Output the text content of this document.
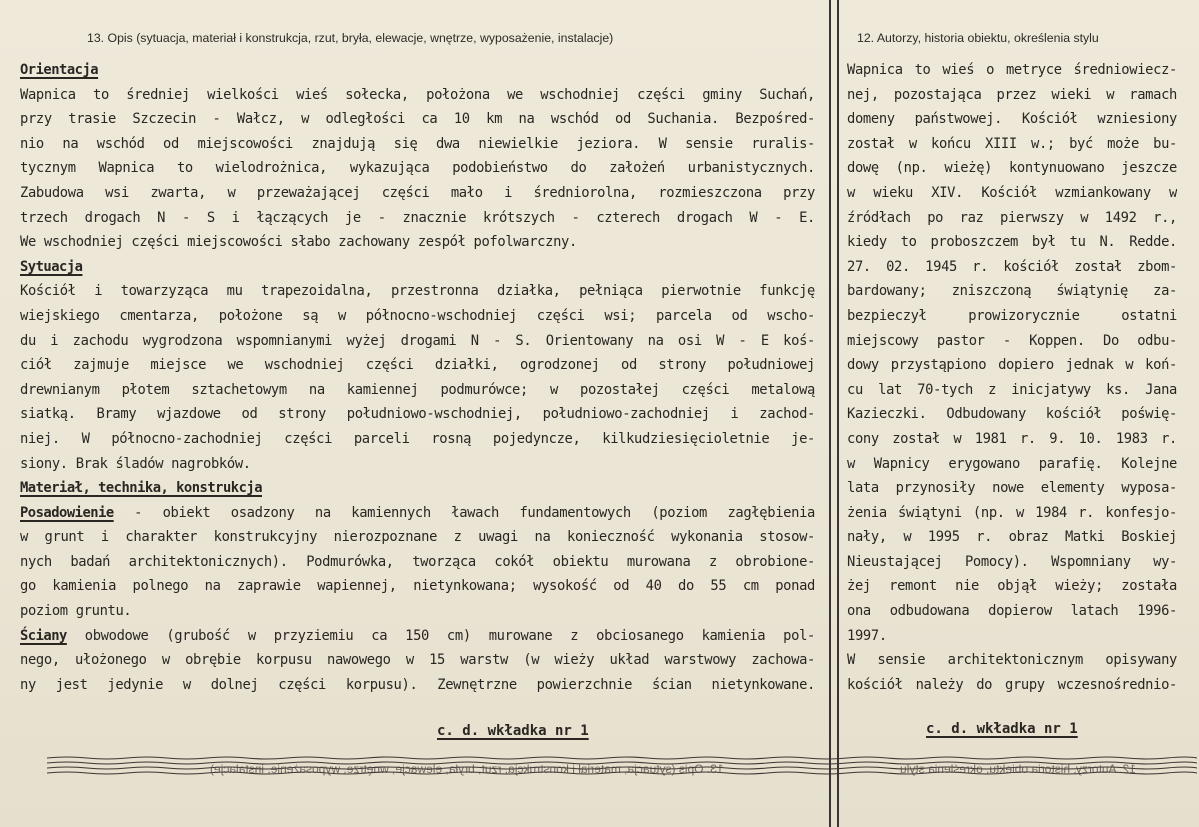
13. Opis (sytuacja, materiał i konstrukcja, rzut, bryła, elewacje, wnętrze, wyposażenie, instalacje)	12. Autorzy, historia obiektu, określenia stylu
Orientacja
Wapnica to średniej wielkości wieś sołecka, położona we wschodniej części gminy Suchań,
przy trasie Szczecin - Wałcz, w odległości ca 10 km na wschód od Suchania. Bezpośred-
nio na wschód od miejscowości znajdują się dwa niewielkie jeziora. W sensie ruralis-
tycznym Wapnica to wielodrożnica, wykazująca podobieństwo do założeń urbanistycznych.
Zabudowa wsi zwarta, w przeważającej części mało i średniorolna, rozmieszczona przy
trzech drogach N - S i łączących je - znacznie krótszych - czterech drogach W - E.
We wschodniej części miejscowości słabo zachowany zespół pofolwarczny.
Sytuacja
Kościół i towarzyząca mu trapezoidalna, przestronna działka, pełniąca pierwotnie funkcję
wiejskiego cmentarza, położone są w północno-wschodniej części wsi; parcela od wscho-
du i zachodu wygrodzona wspomnianymi wyżej drogami N - S. Orientowany na osi W - E koś-
ciół zajmuje miejsce we wschodniej części działki, ogrodzonej od strony południowej
drewnianym płotem sztachetowym na kamiennej podmurówce; w pozostałej części metalową
siatką. Bramy wjazdowe od strony południowo-wschodniej, południowo-zachodniej i zachod-
niej. W północno-zachodniej części parceli rosną pojedyncze, kilkudziesięcioletnie je-
siony. Brak śladów nagrobków.
Materiał, technika, konstrukcja
Posadowienie - obiekt osadzony na kamiennych ławach fundamentowych (poziom zagłębienia
w grunt i charakter konstrukcyjny nierozpoznane z uwagi na konieczność wykonania stosow-
nych badań architektonicznych). Podmurówka, tworząca cokół obiektu murowana z obrobione-
go kamienia polnego na zaprawie wapiennej, nietynkowana; wysokość od 40 do 55 cm ponad
poziom gruntu.
Ściany obwodowe (grubość w przyziemiu ca 150 cm) murowane z obciosanego kamienia pol-
nego, ułożonego w obrębie korpusu nawowego w 15 warstw (w wieży układ warstwowy zachowa-
ny jest jedynie w dolnej części korpusu). Zewnętrzne powierzchnie ścian nietynkowane.
Wapnica to wieś o metryce średniowiecz-
nej, pozostająca przez wieki w ramach
domeny państwowej. Kościół wzniesiony
został w końcu XIII w.; być może bu-
dowę (np. wieżę) kontynuowano jeszcze
w wieku XIV. Kościół wzmiankowany w
źródłach po raz pierwszy w 1492 r.,
kiedy to proboszczem był tu N. Redde.
27. 02. 1945 r. kościół został zbom-
bardowany; zniszczoną świątynię za-
bezpieczył prowizorycznie ostatni
miejscowy pastor - Koppen. Do odbu-
dowy przystąpiono dopiero jednak w koń-
cu lat 70-tych z inicjatywy ks. Jana
Kazieczki. Odbudowany kościół poświę-
cony został w 1981 r. 9. 10. 1983 r.
w Wapnicy erygowano parafię. Kolejne
lata przynosiły nowe elementy wyposa-
żenia świątyni (np. w 1984 r. konfesjo-
nały, w 1995 r. obraz Matki Boskiej
Nieustającej Pomocy). Wspomniany wy-
żej remont nie objął wieży; została
ona odbudowana dopierow latach 1996-
1997.
W sensie architektonicznym opisywany
kościół należy do grupy wczesnośrednio-
c. d. wkładka nr 1	c. d. wkładka nr 1
13. Opis (sytuacja, materiał i konstrukcja, rzut, bryła, elewacje, wnętrze, wyposażenie, instalacje)	12. Autorzy, historia obiektu, określenia stylu
